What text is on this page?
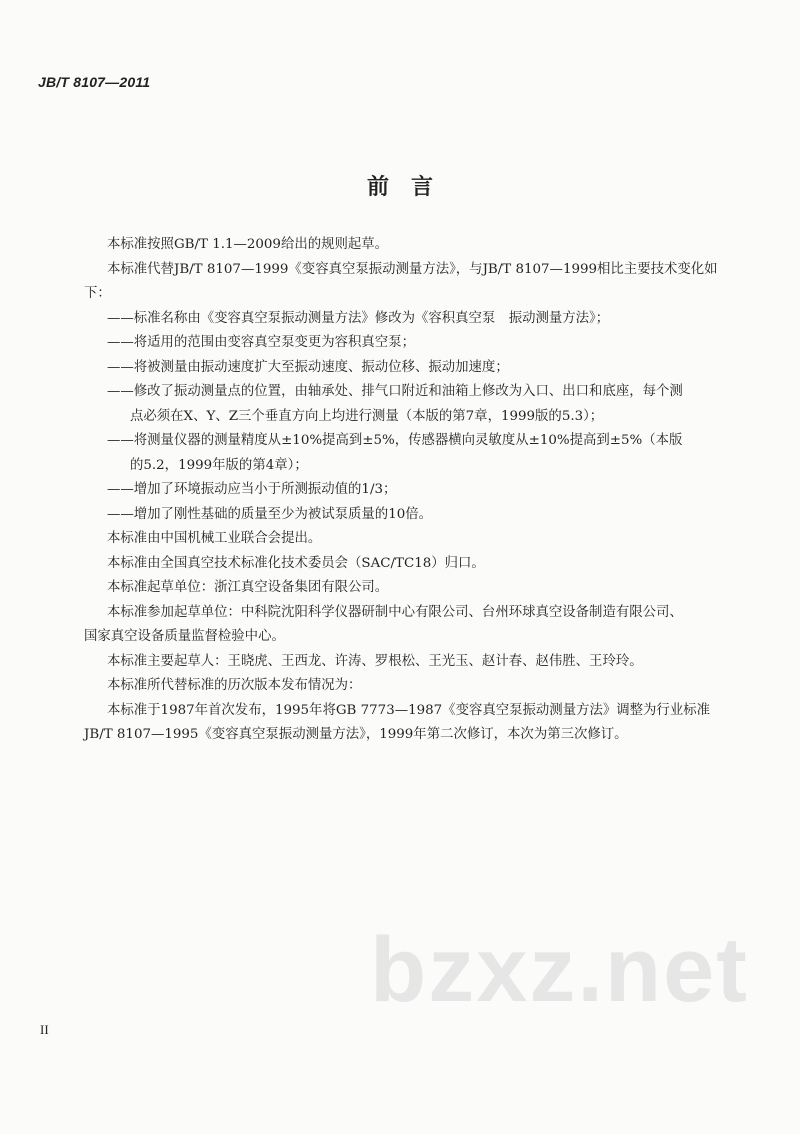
JB/T 8107—2011
前言
本标准按照GB/T 1.1—2009给出的规则起草。
本标准代替JB/T 8107—1999《变容真空泵振动测量方法》，与JB/T 8107—1999相比主要技术变化如
下：
——标准名称由《变容真空泵振动测量方法》修改为《容积真空泵　振动测量方法》；
——将适用的范围由变容真空泵变更为容积真空泵；
——将被测量由振动速度扩大至振动速度、振动位移、振动加速度；
——修改了振动测量点的位置，由轴承处、排气口附近和油箱上修改为入口、出口和底座，每个测
点必须在X、Y、Z三个垂直方向上均进行测量（本版的第7章，1999版的5.3）；
——将测量仪器的测量精度从±10%提高到±5%，传感器横向灵敏度从±10%提高到±5%（本版
的5.2，1999年版的第4章）；
——增加了环境振动应当小于所测振动值的1/3；
——增加了刚性基础的质量至少为被试泵质量的10倍。
本标准由中国机械工业联合会提出。
本标准由全国真空技术标准化技术委员会（SAC/TC18）归口。
本标准起草单位：浙江真空设备集团有限公司。
本标准参加起草单位：中科院沈阳科学仪器研制中心有限公司、台州环球真空设备制造有限公司、
国家真空设备质量监督检验中心。
本标准主要起草人：王晓虎、王西龙、许涛、罗根松、王光玉、赵计春、赵伟胜、王玲玲。
本标准所代替标准的历次版本发布情况为：
本标准于1987年首次发布，1995年将GB 7773—1987《变容真空泵振动测量方法》调整为行业标准
JB/T 8107—1995《变容真空泵振动测量方法》，1999年第二次修订，本次为第三次修订。
II
bzxz.net
